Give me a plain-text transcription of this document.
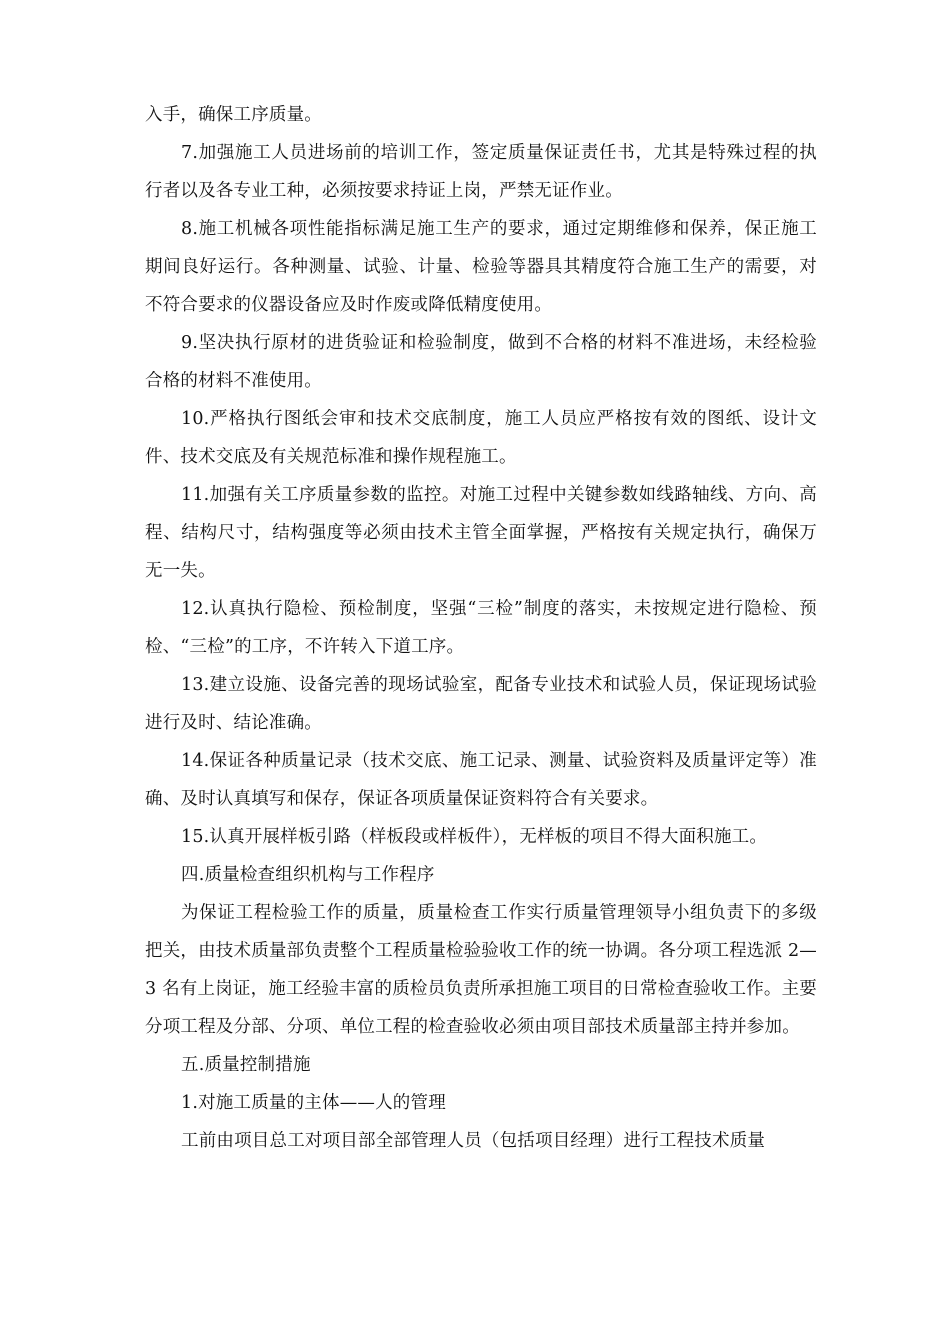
入手，确保工序质量。

7.加强施工人员进场前的培训工作，签定质量保证责任书，尤其是特殊过程的执行者以及各专业工种，必须按要求持证上岗，严禁无证作业。

8.施工机械各项性能指标满足施工生产的要求，通过定期维修和保养，保正施工期间良好运行。各种测量、试验、计量、检验等器具其精度符合施工生产的需要，对不符合要求的仪器设备应及时作废或降低精度使用。

9.坚决执行原材的进货验证和检验制度，做到不合格的材料不准进场，未经检验合格的材料不准使用。

10.严格执行图纸会审和技术交底制度，施工人员应严格按有效的图纸、设计文件、技术交底及有关规范标准和操作规程施工。

11.加强有关工序质量参数的监控。对施工过程中关键参数如线路轴线、方向、高程、结构尺寸，结构强度等必须由技术主管全面掌握，严格按有关规定执行，确保万无一失。

12.认真执行隐检、预检制度，坚强“三检”制度的落实，未按规定进行隐检、预检、“三检”的工序，不许转入下道工序。

13.建立设施、设备完善的现场试验室，配备专业技术和试验人员，保证现场试验进行及时、结论准确。

14.保证各种质量记录（技术交底、施工记录、测量、试验资料及质量评定等）准确、及时认真填写和保存，保证各项质量保证资料符合有关要求。

15.认真开展样板引路（样板段或样板件），无样板的项目不得大面积施工。

四.质量检查组织机构与工作程序

为保证工程检验工作的质量，质量检查工作实行质量管理领导小组负责下的多级把关，由技术质量部负责整个工程质量检验验收工作的统一协调。各分项工程选派 2—3 名有上岗证，施工经验丰富的质检员负责所承担施工项目的日常检查验收工作。主要分项工程及分部、分项、单位工程的检查验收必须由项目部技术质量部主持并参加。

五.质量控制措施

1.对施工质量的主体——人的管理

工前由项目总工对项目部全部管理人员（包括项目经理）进行工程技术质量
